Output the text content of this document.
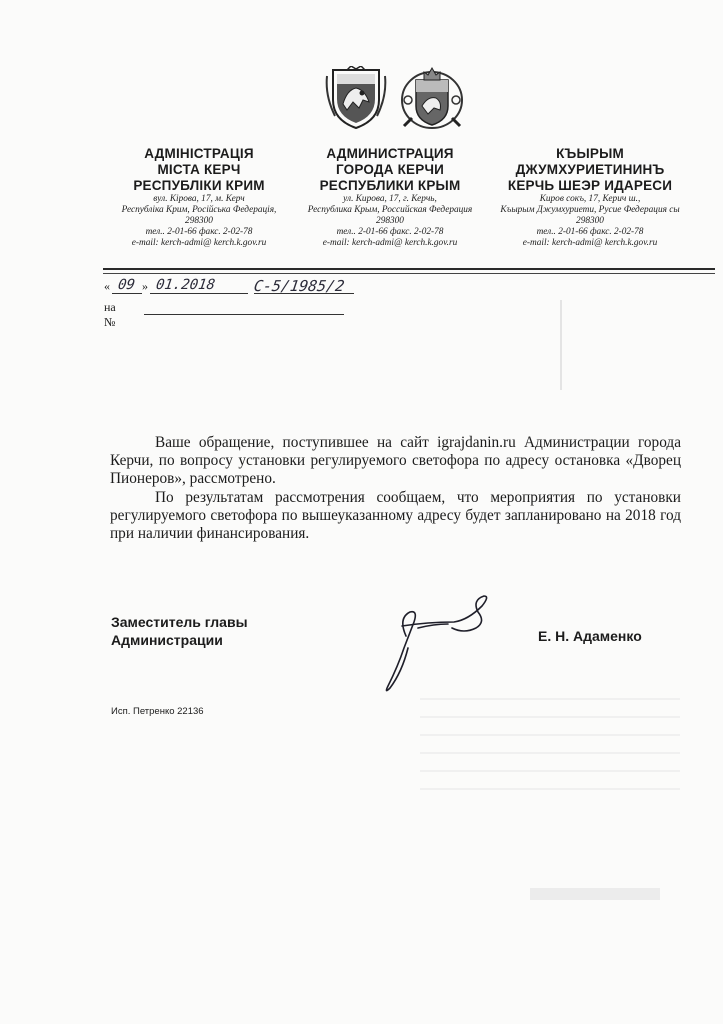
АДМІНІСТРАЦІЯ
МІСТА КЕРЧ
РЕСПУБЛІКИ КРИМ
вул. Кірова, 17, м. Керч
Республіка Крим, Російська Федерація,
298300
тел.. 2-01-66 факс. 2-02-78
e-mail: kerch-admi@ kerch.k.gov.ru
АДМИНИСТРАЦИЯ
ГОРОДА КЕРЧИ
РЕСПУБЛИКИ КРЫМ
ул. Кирова, 17, г. Керчь,
Республика Крым, Российская Федерация
298300
тел.. 2-01-66 факс. 2-02-78
e-mail: kerch-admi@ kerch.k.gov.ru
КЪЫРЫМ
ДЖУМХУРИЕТИНИНЪ
КЕРЧЬ ШЕЭР ИДАРЕСИ
Киров сокъ, 17, Керич ш.,
Къырым Джумхуриети, Русие Федерация сы
298300
тел.. 2-01-66 факс. 2-02-78
e-mail: kerch-admi@ kerch.k.gov.ru
« 09 » 01.2018 С-5/1985/2
на №

Ваше обращение, поступившее на сайт igrajdanin.ru Администрации города Керчи, по вопросу установки регулируемого светофора по адресу остановка «Дворец Пионеров», рассмотрено.

По результатам рассмотрения сообщаем, что мероприятия по установки регулируемого светофора по вышеуказанному адресу будет запланировано на 2018 год при наличии финансирования.

Заместитель главы
Администрации	Е. Н. Адаменко
Исп. Петренко 22136
